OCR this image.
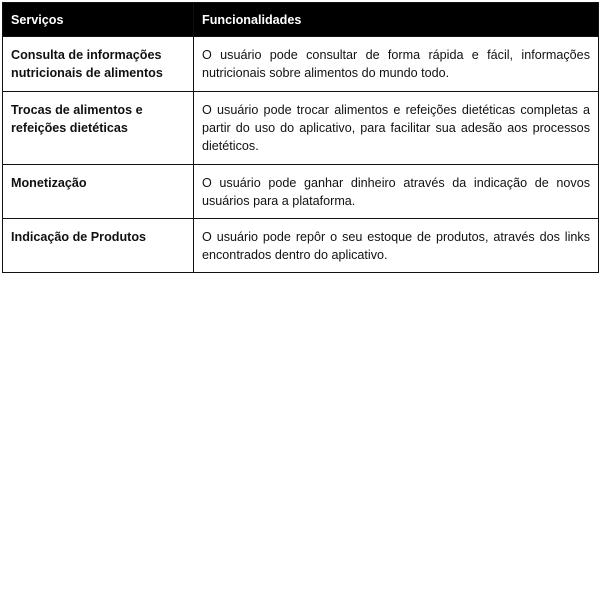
Serviços	Funcionalidades
Consulta de informações nutricionais de alimentos	O usuário pode consultar de forma rápida e fácil, informações nutricionais sobre alimentos do mundo todo.
Trocas de alimentos e refeições dietéticas	O usuário pode trocar alimentos e refeições dietéticas completas a partir do uso do aplicativo, para facilitar sua adesão aos processos dietéticos.
Monetização	O usuário pode ganhar dinheiro através da indicação de novos usuários para a plataforma.
Indicação de Produtos	O usuário pode repôr o seu estoque de produtos, através dos links encontrados dentro do aplicativo.
